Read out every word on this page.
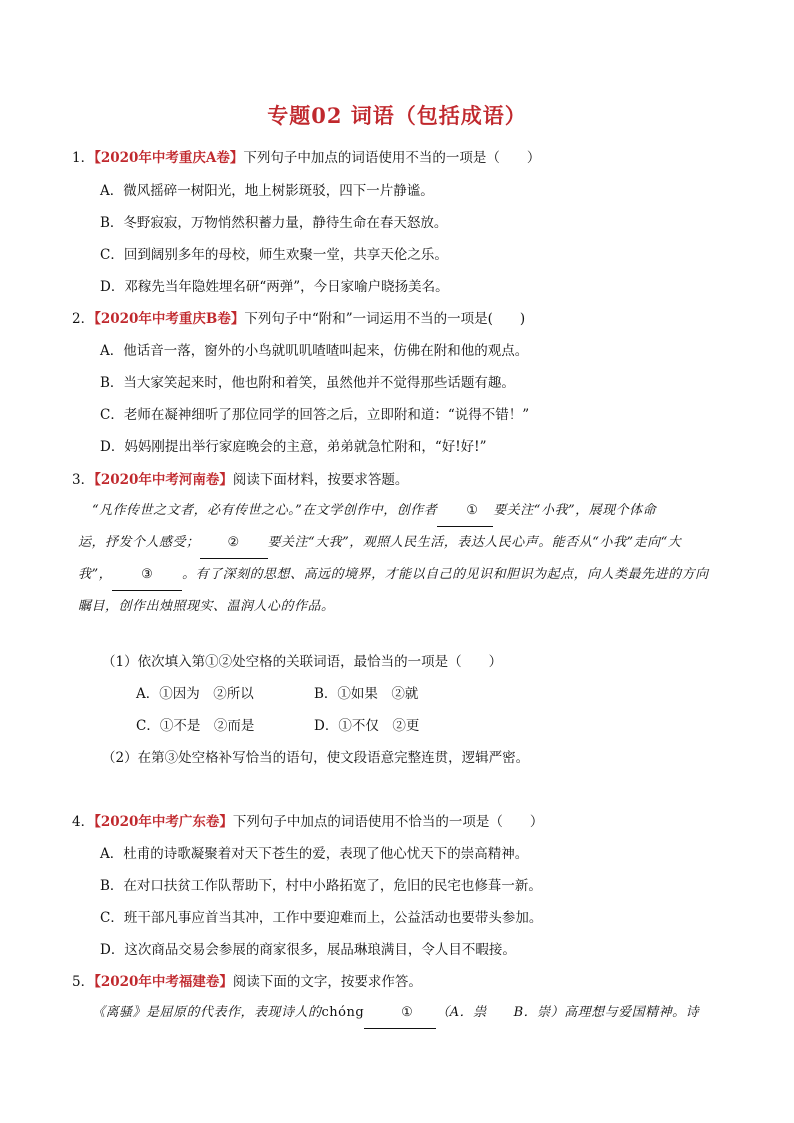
专题02 词语（包括成语）
1．【2020年中考重庆A卷】下列句子中加点的词语使用不当的一项是（　　）
A．微风摇碎一树阳光，地上树影斑驳，四下一片静谧。
B．冬野寂寂，万物悄然积蓄力量，静待生命在春天怒放。
C．回到阔别多年的母校，师生欢聚一堂，共享天伦之乐。
D．邓稼先当年隐姓埋名研“两弹”，今日家喻户晓扬美名。
2．【2020年中考重庆B卷】下列句子中“附和”一词运用不当的一项是(　　)
A．他话音一落，窗外的小鸟就叽叽喳喳叫起来，仿佛在附和他的观点。
B．当大家笑起来时，他也附和着笑，虽然他并不觉得那些话题有趣。
C．老师在凝神细听了那位同学的回答之后，立即附和道：“说得不错！”
D．妈妈刚提出举行家庭晚会的主意，弟弟就急忙附和，“好!好!”
3．【2020年中考河南卷】阅读下面材料，按要求答题。
“凡作传世之文者，必有传世之心。”在文学创作中，创作者 ① 要关注“小我”，展现个体命
运，抒发个人感受； ② 要关注“大我”，观照人民生活，表达人民心声。能否从“小我”走向“大
我”， ③ 。有了深刻的思想、高远的境界，才能以自己的见识和胆识为起点，向人类最先进的方向
瞩目，创作出烛照现实、温润人心的作品。
（1）依次填入第①②处空格的关联词语，最恰当的一项是（　　）
A．①因为　②所以	B．①如果　②就
C．①不是　②而是	D．①不仅　②更
（2）在第③处空格补写恰当的语句，使文段语意完整连贯，逻辑严密。
4．【2020年中考广东卷】下列句子中加点的词语使用不恰当的一项是（　　）
A．杜甫的诗歌凝聚着对天下苍生的爱，表现了他心忧天下的崇高精神。
B．在对口扶贫工作队帮助下，村中小路拓宽了，危旧的民宅也修葺一新。
C．班干部凡事应首当其冲，工作中要迎难而上，公益活动也要带头参加。
D．这次商品交易会参展的商家很多，展品琳琅满目，令人目不暇接。
5．【2020年中考福建卷】阅读下面的文字，按要求作答。
《离骚》是屈原的代表作，表现诗人的chóng	① （A．祟　　B．崇）高理想与爱国精神。诗
